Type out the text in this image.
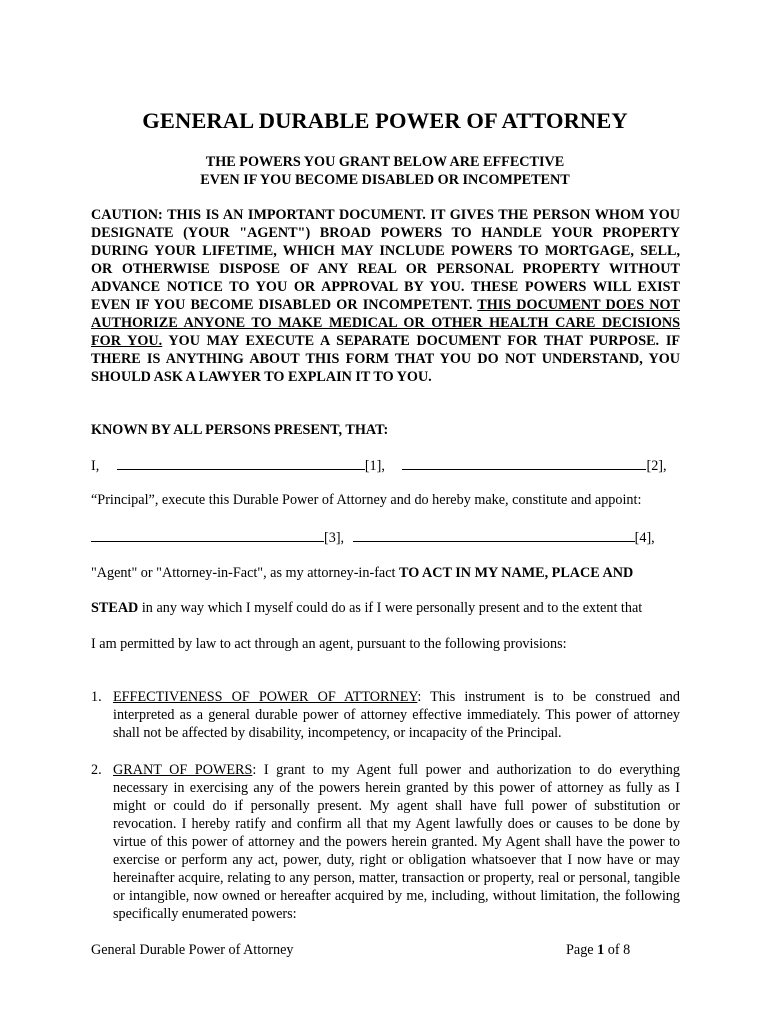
GENERAL DURABLE POWER OF ATTORNEY
THE POWERS YOU GRANT BELOW ARE EFFECTIVE
EVEN IF YOU BECOME DISABLED OR INCOMPETENT
CAUTION: THIS IS AN IMPORTANT DOCUMENT. IT GIVES THE PERSON WHOM YOU DESIGNATE (YOUR "AGENT") BROAD POWERS TO HANDLE YOUR PROPERTY DURING YOUR LIFETIME, WHICH MAY INCLUDE POWERS TO MORTGAGE, SELL, OR OTHERWISE DISPOSE OF ANY REAL OR PERSONAL PROPERTY WITHOUT ADVANCE NOTICE TO YOU OR APPROVAL BY YOU. THESE POWERS WILL EXIST EVEN IF YOU BECOME DISABLED OR INCOMPETENT. THIS DOCUMENT DOES NOT AUTHORIZE ANYONE TO MAKE MEDICAL OR OTHER HEALTH CARE DECISIONS FOR YOU. YOU MAY EXECUTE A SEPARATE DOCUMENT FOR THAT PURPOSE. IF THERE IS ANYTHING ABOUT THIS FORM THAT YOU DO NOT UNDERSTAND, YOU SHOULD ASK A LAWYER TO EXPLAIN IT TO YOU.
KNOWN BY ALL PERSONS PRESENT, THAT:
I,	[1],	[2],
“Principal”, execute this Durable Power of Attorney and do hereby make, constitute and appoint:
[3],	[4],
"Agent" or "Attorney-in-Fact", as my attorney-in-fact TO ACT IN MY NAME, PLACE AND
STEAD in any way which I myself could do as if I were personally present and to the extent that
I am permitted by law to act through an agent, pursuant to the following provisions:
1. EFFECTIVENESS OF POWER OF ATTORNEY: This instrument is to be construed and interpreted as a general durable power of attorney effective immediately. This power of attorney shall not be affected by disability, incompetency, or incapacity of the Principal.
2. GRANT OF POWERS: I grant to my Agent full power and authorization to do everything necessary in exercising any of the powers herein granted by this power of attorney as fully as I might or could do if personally present. My agent shall have full power of substitution or revocation. I hereby ratify and confirm all that my Agent lawfully does or causes to be done by virtue of this power of attorney and the powers herein granted. My Agent shall have the power to exercise or perform any act, power, duty, right or obligation whatsoever that I now have or may hereinafter acquire, relating to any person, matter, transaction or property, real or personal, tangible or intangible, now owned or hereafter acquired by me, including, without limitation, the following specifically enumerated powers:
General Durable Power of Attorney	Page 1 of 8
